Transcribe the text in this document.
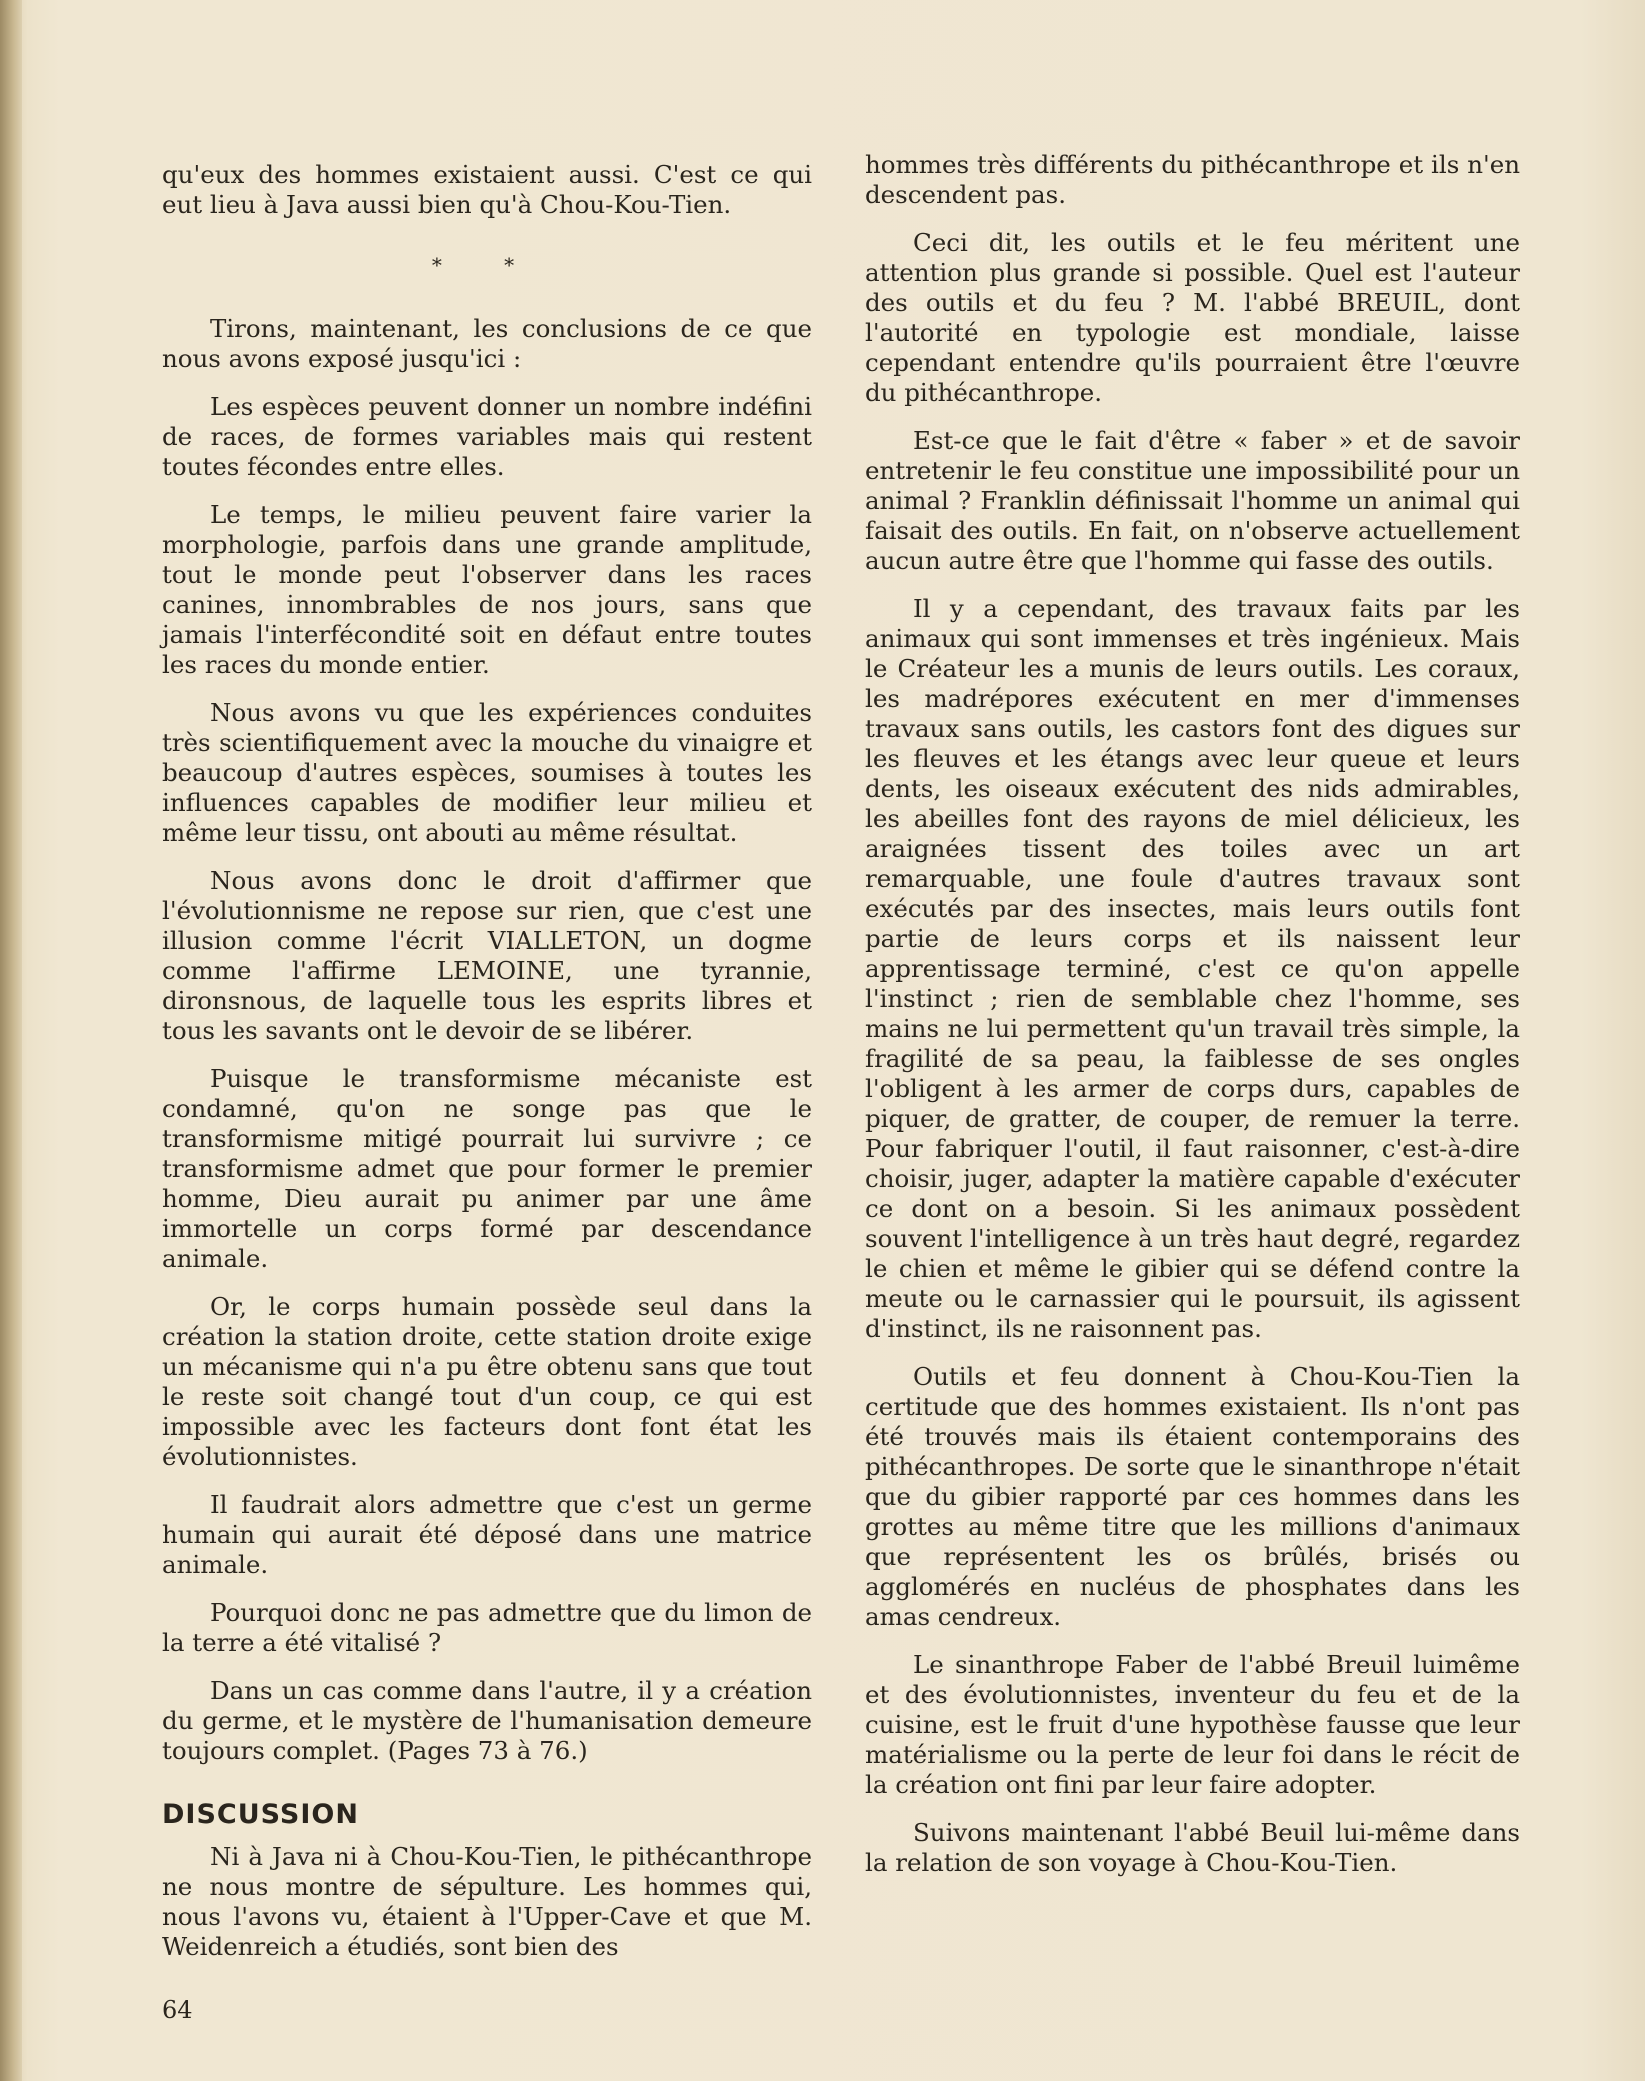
qu'eux des hommes existaient aussi. C'est ce qui eut lieu à Java aussi bien qu'à Chou-Kou-Tien.

* *

Tirons, maintenant, les conclusions de ce que nous avons exposé jusqu'ici :

Les espèces peuvent donner un nombre indéfini de races, de formes variables mais qui restent toutes fécondes entre elles.

Le temps, le milieu peuvent faire varier la morphologie, parfois dans une grande amplitude, tout le monde peut l'observer dans les races canines, innombrables de nos jours, sans que jamais l'interfécondité soit en défaut entre toutes les races du monde entier.

Nous avons vu que les expériences conduites très scientifiquement avec la mouche du vinaigre et beaucoup d'autres espèces, soumises à toutes les influences capables de modifier leur milieu et même leur tissu, ont abouti au même résultat.

Nous avons donc le droit d'affirmer que l'évolutionnisme ne repose sur rien, que c'est une illusion comme l'écrit VIALLETON, un dogme comme l'affirme LEMOINE, une tyrannie, dironsnous, de laquelle tous les esprits libres et tous les savants ont le devoir de se libérer.

Puisque le transformisme mécaniste est condamné, qu'on ne songe pas que le transformisme mitigé pourrait lui survivre ; ce transformisme admet que pour former le premier homme, Dieu aurait pu animer par une âme immortelle un corps formé par descendance animale.

Or, le corps humain possède seul dans la création la station droite, cette station droite exige un mécanisme qui n'a pu être obtenu sans que tout le reste soit changé tout d'un coup, ce qui est impossible avec les facteurs dont font état les évolutionnistes.

Il faudrait alors admettre que c'est un germe humain qui aurait été déposé dans une matrice animale.

Pourquoi donc ne pas admettre que du limon de la terre a été vitalisé ?

Dans un cas comme dans l'autre, il y a création du germe, et le mystère de l'humanisation demeure toujours complet. (Pages 73 à 76.)

DISCUSSION

Ni à Java ni à Chou-Kou-Tien, le pithécanthrope ne nous montre de sépulture. Les hommes qui, nous l'avons vu, étaient à l'Upper-Cave et que M. Weidenreich a étudiés, sont bien des

hommes très différents du pithécanthrope et ils n'en descendent pas.

Ceci dit, les outils et le feu méritent une attention plus grande si possible. Quel est l'auteur des outils et du feu ? M. l'abbé BREUIL, dont l'autorité en typologie est mondiale, laisse cependant entendre qu'ils pourraient être l'œuvre du pithécanthrope.

Est-ce que le fait d'être « faber » et de savoir entretenir le feu constitue une impossibilité pour un animal ? Franklin définissait l'homme un animal qui faisait des outils. En fait, on n'observe actuellement aucun autre être que l'homme qui fasse des outils.

Il y a cependant, des travaux faits par les animaux qui sont immenses et très ingénieux. Mais le Créateur les a munis de leurs outils. Les coraux, les madrépores exécutent en mer d'immenses travaux sans outils, les castors font des digues sur les fleuves et les étangs avec leur queue et leurs dents, les oiseaux exécutent des nids admirables, les abeilles font des rayons de miel délicieux, les araignées tissent des toiles avec un art remarquable, une foule d'autres travaux sont exécutés par des insectes, mais leurs outils font partie de leurs corps et ils naissent leur apprentissage terminé, c'est ce qu'on appelle l'instinct ; rien de semblable chez l'homme, ses mains ne lui permettent qu'un travail très simple, la fragilité de sa peau, la faiblesse de ses ongles l'obligent à les armer de corps durs, capables de piquer, de gratter, de couper, de remuer la terre. Pour fabriquer l'outil, il faut raisonner, c'est-à-dire choisir, juger, adapter la matière capable d'exécuter ce dont on a besoin. Si les animaux possèdent souvent l'intelligence à un très haut degré, regardez le chien et même le gibier qui se défend contre la meute ou le carnassier qui le poursuit, ils agissent d'instinct, ils ne raisonnent pas.

Outils et feu donnent à Chou-Kou-Tien la certitude que des hommes existaient. Ils n'ont pas été trouvés mais ils étaient contemporains des pithécanthropes. De sorte que le sinanthrope n'était que du gibier rapporté par ces hommes dans les grottes au même titre que les millions d'animaux que représentent les os brûlés, brisés ou agglomérés en nucléus de phosphates dans les amas cendreux.

Le sinanthrope Faber de l'abbé Breuil luimême et des évolutionnistes, inventeur du feu et de la cuisine, est le fruit d'une hypothèse fausse que leur matérialisme ou la perte de leur foi dans le récit de la création ont fini par leur faire adopter.

Suivons maintenant l'abbé Beuil lui-même dans la relation de son voyage à Chou-Kou-Tien.

64
